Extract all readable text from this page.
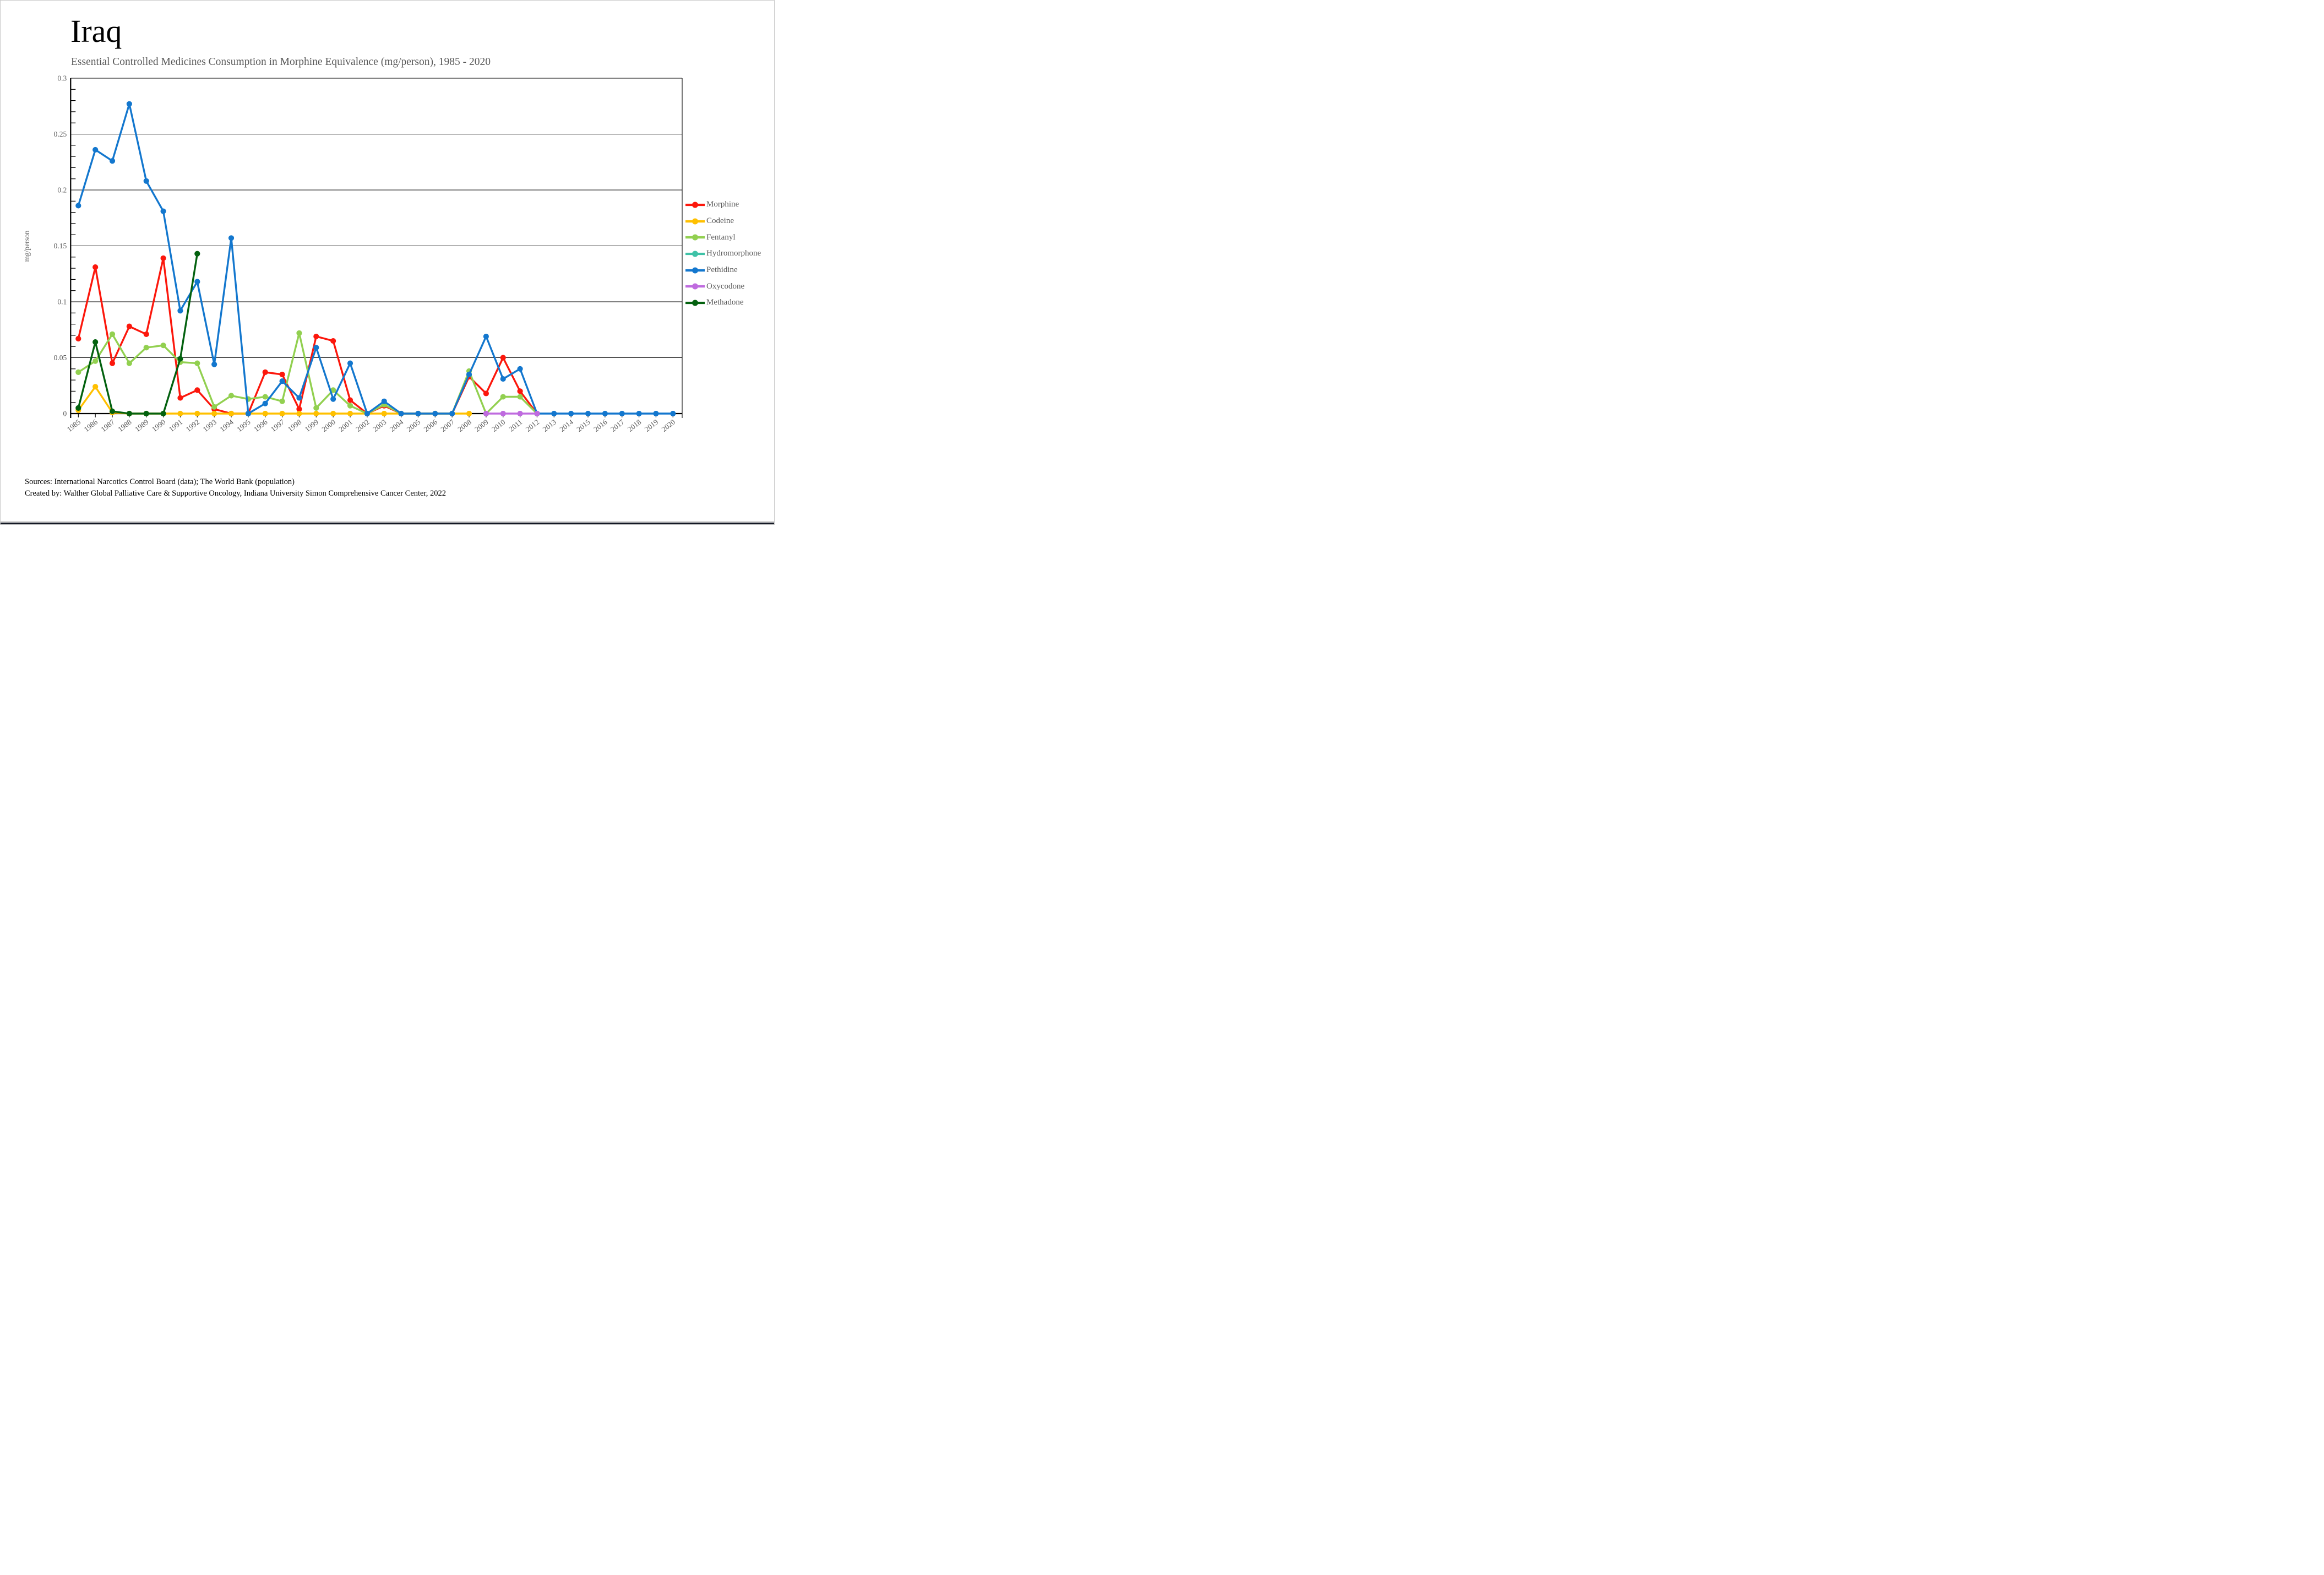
Iraq
Essential Controlled Medicines Consumption in Morphine Equivalence (mg/person), 1985 - 2020
mg/person
0.3
0.25
0.2
0.15
0.1
0.05
0
1985 1986 1987 1988 1989 1990 1991 1992 1993 1994 1995 1996 1997 1998 1999 2000 2001 2002 2003 2004 2005 2006 2007 2008 2009 2010 2011 2012 2013 2014 2015 2016 2017 2018 2019 2020
Morphine
Codeine
Fentanyl
Hydromorphone
Pethidine
Oxycodone
Methadone
Sources: International Narcotics Control Board (data); The World Bank (population)
Created by: Walther Global Palliative Care & Supportive Oncology, Indiana University Simon Comprehensive Cancer Center, 2022
